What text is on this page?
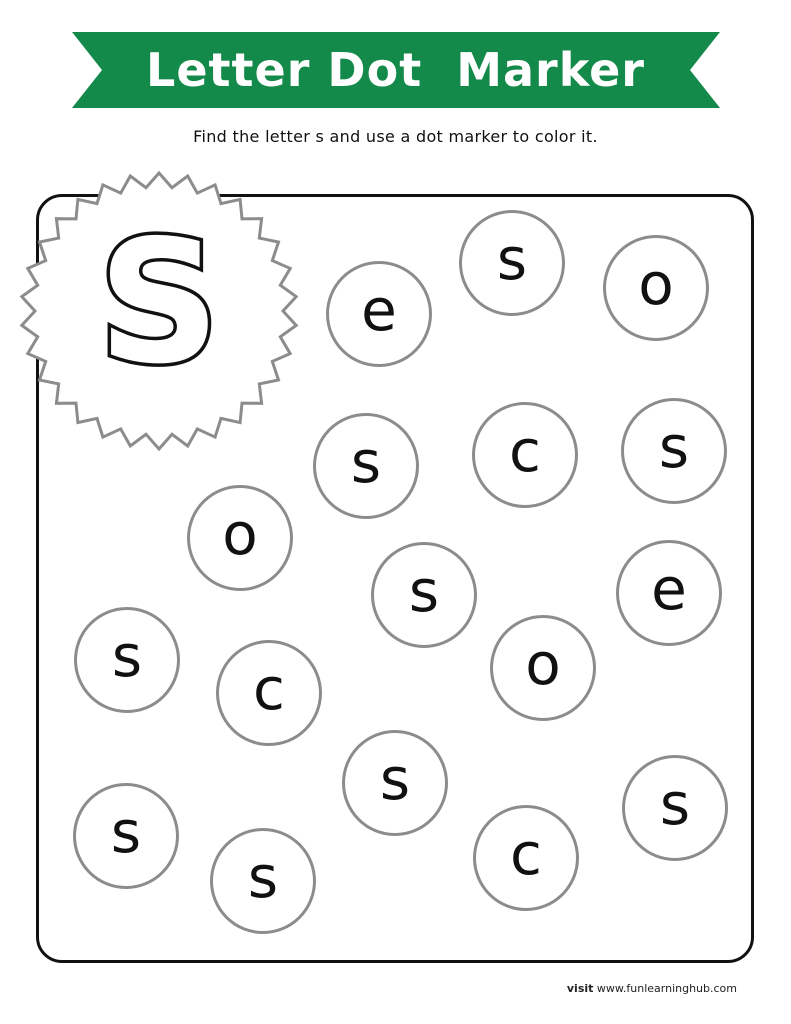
Letter Dot  Marker
Find the letter s and use a dot marker to color it.
S	e
s o
s c s
o
s	e
s c	o
s	s
s
s	c
visit www.funlearninghub.com
